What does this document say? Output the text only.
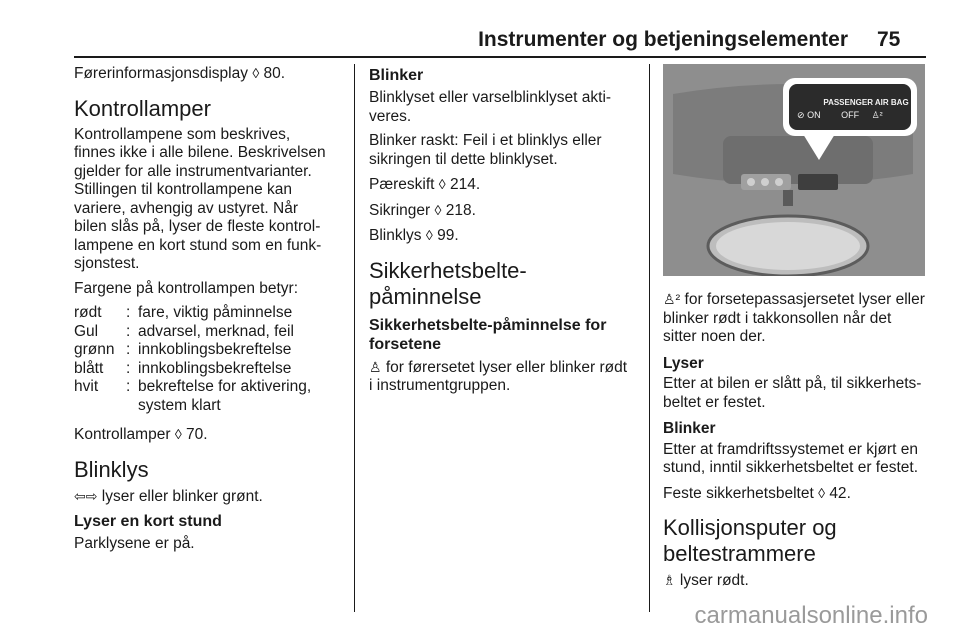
Instrumenter og betjeningselementer 75

Førerinformasjonsdisplay ◊ 80.

Kontrollamper

Kontrollampene som beskrives,
finnes ikke i alle bilene. Beskrivelsen
gjelder for alle instrumentvarianter.
Stillingen til kontrollampene kan
variere, avhengig av ustyret. Når
bilen slås på, lyser de fleste kontrol-
lampene en kort stund som en funk-
sjonstest.

Fargene på kontrollampen betyr:

rødt	:	fare, viktig påminnelse
Gul	:	advarsel, merknad, feil
grønn	:	innkoblingsbekreftelse
blått	:	innkoblingsbekreftelse
hvit	:	bekreftelse for aktivering, system klart

Kontrollamper ◊ 70.

Blinklys

⇦⇨ lyser eller blinker grønt.

Lyser en kort stund

Parklysene er på.

Blinker

Blinklyset eller varselblinklyset akti-
veres.

Blinker raskt: Feil i et blinklys eller
sikringen til dette blinklyset.

Pæreskift ◊ 214.

Sikringer ◊ 218.

Blinklys ◊ 99.

Sikkerhetsbelte-
påminnelse
Sikkerhetsbelte-påminnelse for
forsetene

♙ for førersetet lyser eller blinker rødt
i instrumentgruppen.

PASSENGER AIR BAG
⊘ ON OFF ♙²

♙² for forsetepassasjersetet lyser eller
blinker rødt i takkonsollen når det
sitter noen der.

Lyser

Etter at bilen er slått på, til sikkerhets-
beltet er festet.

Blinker

Etter at framdriftssystemet er kjørt en
stund, inntil sikkerhetsbeltet er festet.

Feste sikkerhetsbeltet ◊ 42.

Kollisjonsputer og
beltestrammere

♗ lyser rødt.

carmanualsonline.info
